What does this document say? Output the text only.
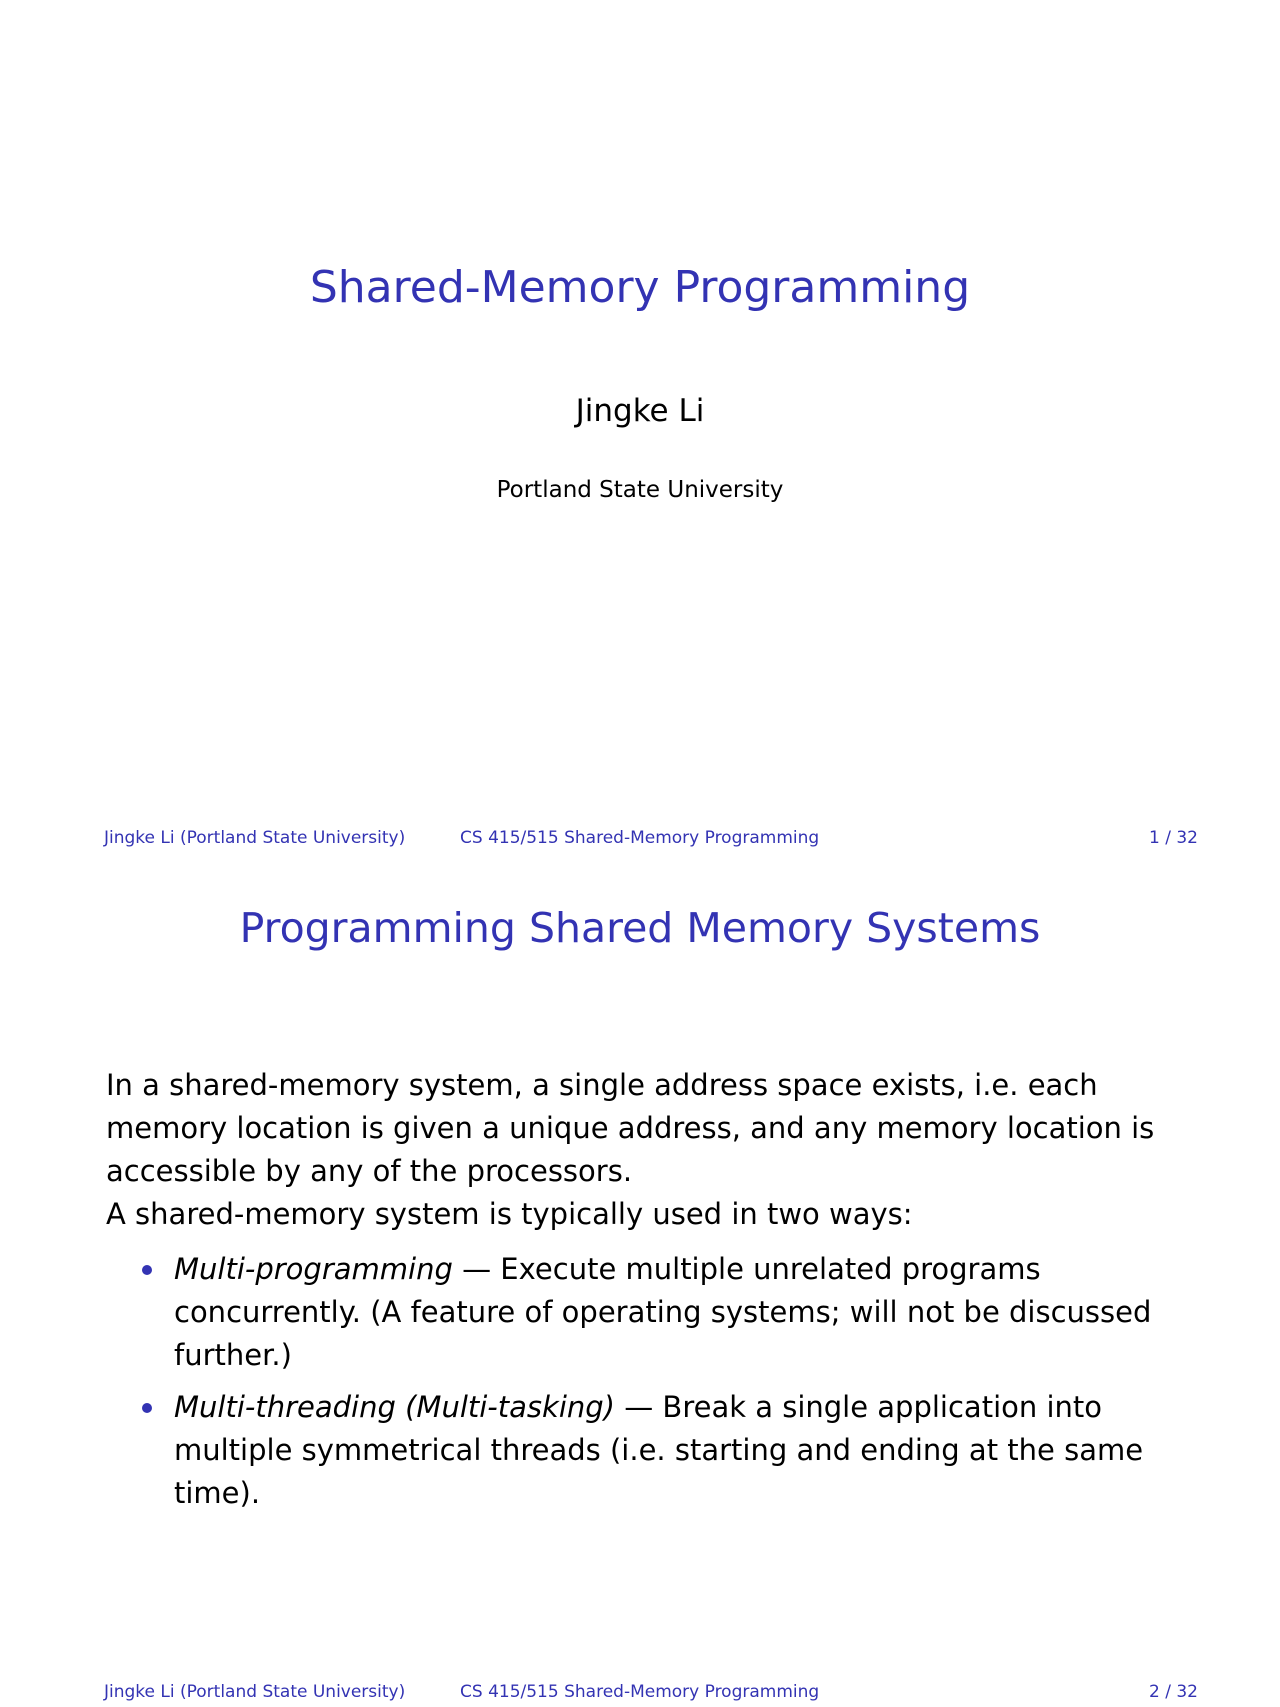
Shared-Memory Programming
Jingke Li
Portland State University
Jingke Li (Portland State University)	CS 415/515 Shared-Memory Programming	1 / 32
Programming Shared Memory Systems

In a shared-memory system, a single address space exists, i.e. each memory location is given a unique address, and any memory location is accessible by any of the processors.

A shared-memory system is typically used in two ways:

Multi-programming — Execute multiple unrelated programs concurrently. (A feature of operating systems; will not be discussed further.)
Multi-threading (Multi-tasking) — Break a single application into multiple symmetrical threads (i.e. starting and ending at the same time).
Jingke Li (Portland State University)	CS 415/515 Shared-Memory Programming	2 / 32
